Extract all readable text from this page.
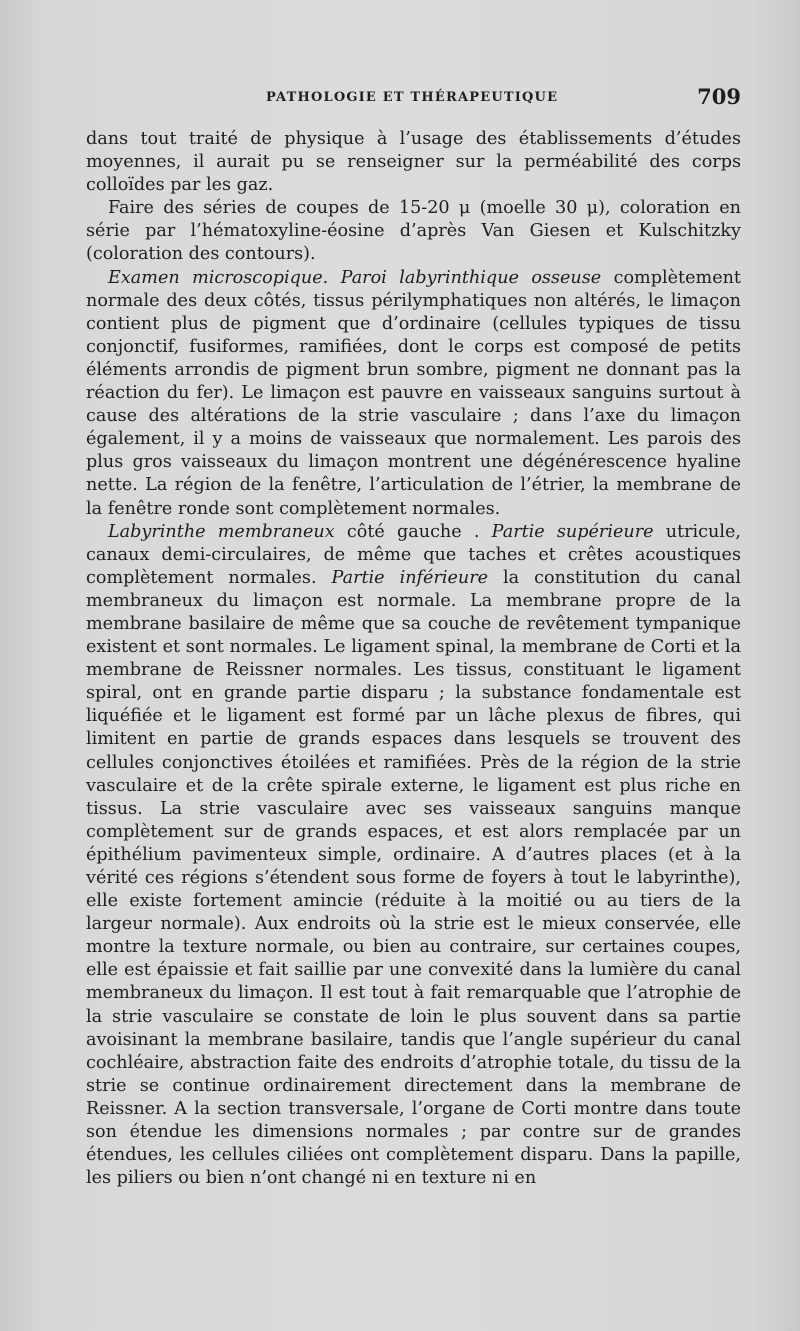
PATHOLOGIE ET THÉRAPEUTIQUE	709

dans tout traité de physique à l’usage des établissements d’études moyennes, il aurait pu se renseigner sur la perméabilité des corps colloïdes par les gaz.

Faire des séries de coupes de 15-20 μ (moelle 30 μ), coloration en série par l’hématoxyline-éosine d’après Van Giesen et Kulschitzky (coloration des contours).

Examen microscopique. Paroi labyrinthique osseuse complètement normale des deux côtés, tissus périlymphatiques non altérés, le limaçon contient plus de pigment que d’ordinaire (cellules typiques de tissu conjonctif, fusiformes, ramifiées, dont le corps est composé de petits éléments arrondis de pigment brun sombre, pigment ne donnant pas la réaction du fer). Le limaçon est pauvre en vaisseaux sanguins surtout à cause des altérations de la strie vasculaire ; dans l’axe du limaçon également, il y a moins de vaisseaux que normalement. Les parois des plus gros vaisseaux du limaçon montrent une dégénérescence hyaline nette. La région de la fenêtre, l’articulation de l’étrier, la membrane de la fenêtre ronde sont complètement normales.

Labyrinthe membraneux côté gauche . Partie supérieure utricule, canaux demi-circulaires, de même que taches et crêtes acoustiques complètement normales. Partie inférieure la constitution du canal membraneux du limaçon est normale. La membrane propre de la membrane basilaire de même que sa couche de revêtement tympanique existent et sont normales. Le ligament spinal, la membrane de Corti et la membrane de Reissner normales. Les tissus, constituant le ligament spiral, ont en grande partie disparu ; la substance fondamentale est liquéfiée et le ligament est formé par un lâche plexus de fibres, qui limitent en partie de grands espaces dans lesquels se trouvent des cellules conjonctives étoilées et ramifiées. Près de la région de la strie vasculaire et de la crête spirale externe, le ligament est plus riche en tissus. La strie vasculaire avec ses vaisseaux sanguins manque complètement sur de grands espaces, et est alors remplacée par un épithélium pavimenteux simple, ordinaire. A d’autres places (et à la vérité ces régions s’étendent sous forme de foyers à tout le labyrinthe), elle existe fortement amincie (réduite à la moitié ou au tiers de la largeur normale). Aux endroits où la strie est le mieux conservée, elle montre la texture normale, ou bien au contraire, sur certaines coupes, elle est épaissie et fait saillie par une convexité dans la lumière du canal membraneux du limaçon. Il est tout à fait remarquable que l’atrophie de la strie vasculaire se constate de loin le plus souvent dans sa partie avoisinant la membrane basilaire, tandis que l’angle supérieur du canal cochléaire, abstraction faite des endroits d’atrophie totale, du tissu de la strie se continue ordinairement directement dans la membrane de Reissner. A la section transversale, l’organe de Corti montre dans toute son étendue les dimensions normales ; par contre sur de grandes étendues, les cellules ciliées ont complètement disparu. Dans la papille, les piliers ou bien n’ont changé ni en texture ni en
